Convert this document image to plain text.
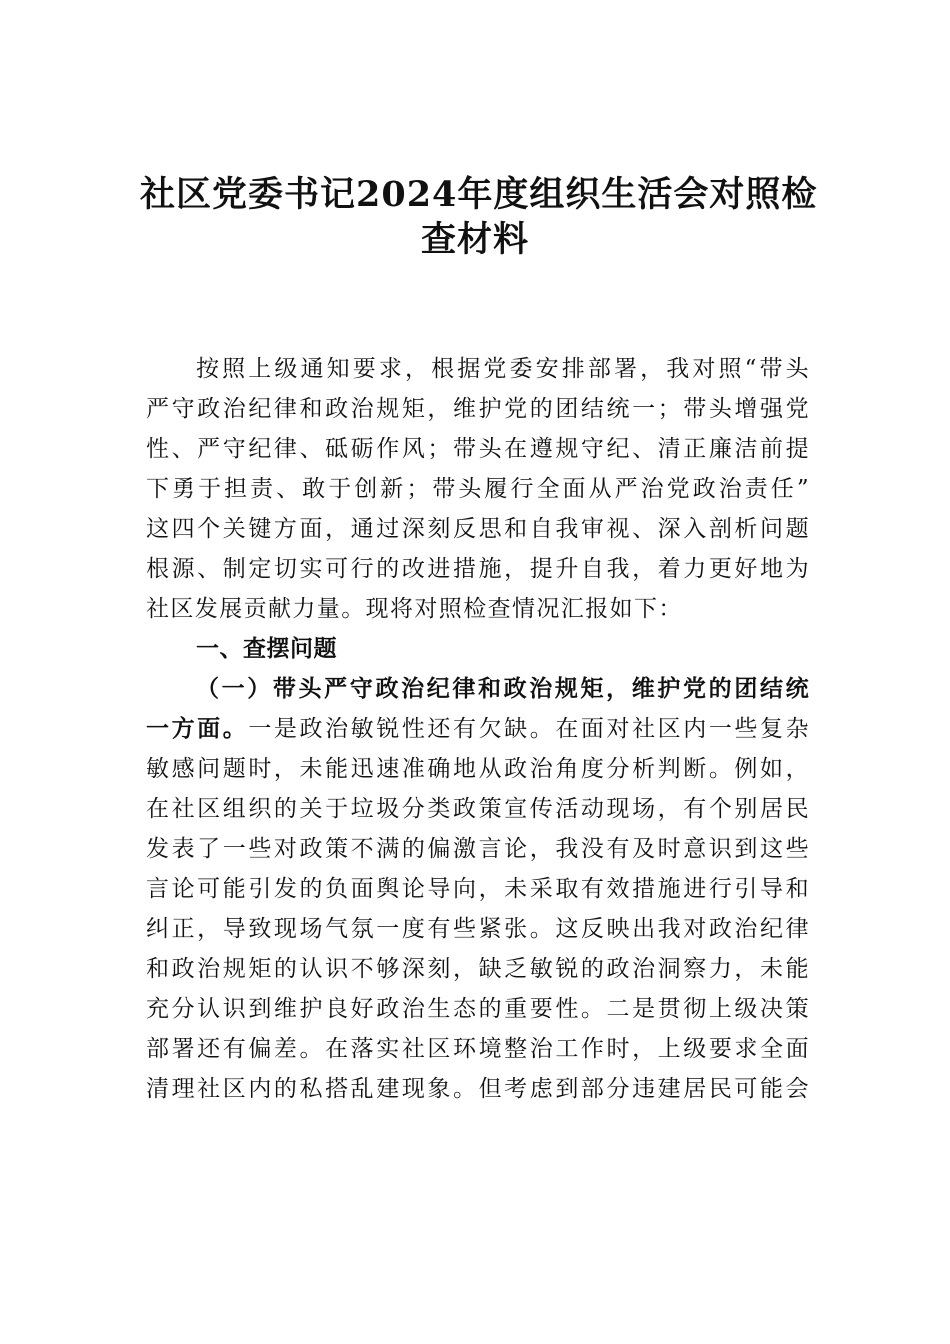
社区党委书记2024年度组织生活会对照检
查材料
按照上级通知要求，根据党委安排部署，我对照“带头
严守政治纪律和政治规矩，维护党的团结统一；带头增强党
性、严守纪律、砥砺作风；带头在遵规守纪、清正廉洁前提
下勇于担责、敢于创新；带头履行全面从严治党政治责任”
这四个关键方面，通过深刻反思和自我审视、深入剖析问题
根源、制定切实可行的改进措施，提升自我，着力更好地为
社区发展贡献力量。现将对照检查情况汇报如下：
一、查摆问题
（一）带头严守政治纪律和政治规矩，维护党的团结统
一方面。一是政治敏锐性还有欠缺。在面对社区内一些复杂
敏感问题时，未能迅速准确地从政治角度分析判断。例如，
在社区组织的关于垃圾分类政策宣传活动现场，有个别居民
发表了一些对政策不满的偏激言论，我没有及时意识到这些
言论可能引发的负面舆论导向，未采取有效措施进行引导和
纠正，导致现场气氛一度有些紧张。这反映出我对政治纪律
和政治规矩的认识不够深刻，缺乏敏锐的政治洞察力，未能
充分认识到维护良好政治生态的重要性。二是贯彻上级决策
部署还有偏差。在落实社区环境整治工作时，上级要求全面
清理社区内的私搭乱建现象。但考虑到部分违建居民可能会
